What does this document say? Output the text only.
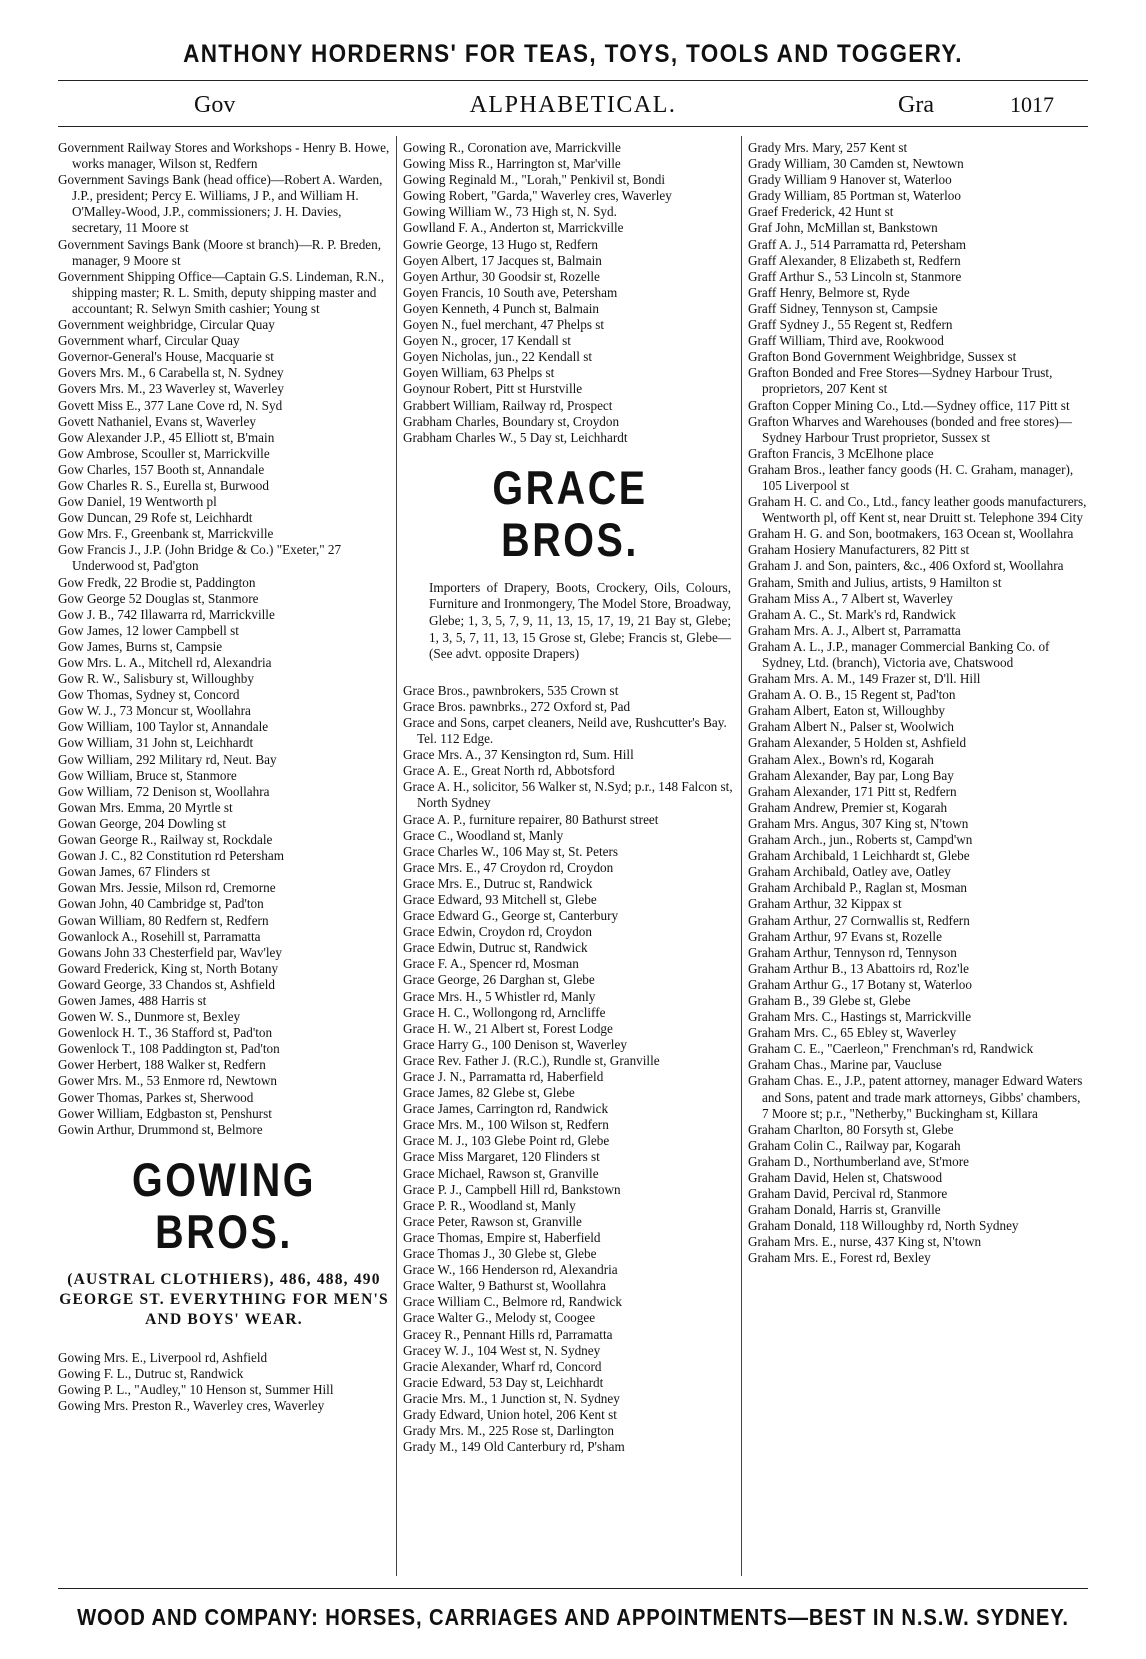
ANTHONY HORDERNS' FOR TEAS, TOYS, TOOLS AND TOGGERY.
Gov	ALPHABETICAL.	Gra	1017
Government Railway Stores and Workshops - Henry B. Howe, works manager, Wilson st, Redfern
Government Savings Bank (head office)—Robert A. Warden, J.P., president; Percy E. Williams, J P., and William H. O'Malley-Wood, J.P., commissioners; J. H. Davies, secretary, 11 Moore st
Government Savings Bank (Moore st branch)—R. P. Breden, manager, 9 Moore st
Government Shipping Office—Captain G.S. Lindeman, R.N., shipping master; R. L. Smith, deputy shipping master and accountant; R. Selwyn Smith cashier; Young st
Government weighbridge, Circular Quay
Government wharf, Circular Quay
Governor-General's House, Macquarie st
Govers Mrs. M., 6 Carabella st, N. Sydney
Govers Mrs. M., 23 Waverley st, Waverley
Govett Miss E., 377 Lane Cove rd, N. Syd
Govett Nathaniel, Evans st, Waverley
Gow Alexander J.P., 45 Elliott st, B'main
Gow Ambrose, Scouller st, Marrickville
Gow Charles, 157 Booth st, Annandale
Gow Charles R. S., Eurella st, Burwood
Gow Daniel, 19 Wentworth pl
Gow Duncan, 29 Rofe st, Leichhardt
Gow Mrs. F., Greenbank st, Marrickville
Gow Francis J., J.P. (John Bridge & Co.) "Exeter," 27 Underwood st, Pad'gton
Gow Fredk, 22 Brodie st, Paddington
Gow George 52 Douglas st, Stanmore
Gow J. B., 742 Illawarra rd, Marrickville
Gow James, 12 lower Campbell st
Gow James, Burns st, Campsie
Gow Mrs. L. A., Mitchell rd, Alexandria
Gow R. W., Salisbury st, Willoughby
Gow Thomas, Sydney st, Concord
Gow W. J., 73 Moncur st, Woollahra
Gow William, 100 Taylor st, Annandale
Gow William, 31 John st, Leichhardt
Gow William, 292 Military rd, Neut. Bay
Gow William, Bruce st, Stanmore
Gow William, 72 Denison st, Woollahra
Gowan Mrs. Emma, 20 Myrtle st
Gowan George, 204 Dowling st
Gowan George R., Railway st, Rockdale
Gowan J. C., 82 Constitution rd Petersham
Gowan James, 67 Flinders st
Gowan Mrs. Jessie, Milson rd, Cremorne
Gowan John, 40 Cambridge st, Pad'ton
Gowan William, 80 Redfern st, Redfern
Gowanlock A., Rosehill st, Parramatta
Gowans John 33 Chesterfield par, Wav'ley
Goward Frederick, King st, North Botany
Goward George, 33 Chandos st, Ashfield
Gowen James, 488 Harris st
Gowen W. S., Dunmore st, Bexley
Gowenlock H. T., 36 Stafford st, Pad'ton
Gowenlock T., 108 Paddington st, Pad'ton
Gower Herbert, 188 Walker st, Redfern
Gower Mrs. M., 53 Enmore rd, Newtown
Gower Thomas, Parkes st, Sherwood
Gower William, Edgbaston st, Penshurst
Gowin Arthur, Drummond st, Belmore
GOWING BROS.
(AUSTRAL CLOTHIERS), 486, 488, 490 GEORGE ST. EVERYTHING FOR MEN'S AND BOYS' WEAR.
Gowing Mrs. E., Liverpool rd, Ashfield
Gowing F. L., Dutruc st, Randwick
Gowing P. L., "Audley," 10 Henson st, Summer Hill
Gowing Mrs. Preston R., Waverley cres, Waverley
Gowing R., Coronation ave, Marrickville
Gowing Miss R., Harrington st, Mar'ville
Gowing Reginald M., "Lorah," Penkivil st, Bondi
Gowing Robert, "Garda," Waverley cres, Waverley
Gowing William W., 73 High st, N. Syd.
Gowlland F. A., Anderton st, Marrickville
Gowrie George, 13 Hugo st, Redfern
Goyen Albert, 17 Jacques st, Balmain
Goyen Arthur, 30 Goodsir st, Rozelle
Goyen Francis, 10 South ave, Petersham
Goyen Kenneth, 4 Punch st, Balmain
Goyen N., fuel merchant, 47 Phelps st
Goyen N., grocer, 17 Kendall st
Goyen Nicholas, jun., 22 Kendall st
Goyen William, 63 Phelps st
Goynour Robert, Pitt st Hurstville
Grabbert William, Railway rd, Prospect
Grabham Charles, Boundary st, Croydon
Grabham Charles W., 5 Day st, Leichhardt
GRACE BROS.
Importers of Drapery, Boots, Crockery, Oils, Colours, Furniture and Ironmongery, The Model Store, Broadway, Glebe; 1, 3, 5, 7, 9, 11, 13, 15, 17, 19, 21 Bay st, Glebe; 1, 3, 5, 7, 11, 13, 15 Grose st, Glebe; Francis st, Glebe—(See advt. opposite Drapers)
Grace Bros., pawnbrokers, 535 Crown st
Grace Bros. pawnbrks., 272 Oxford st, Pad
Grace and Sons, carpet cleaners, Neild ave, Rushcutter's Bay. Tel. 112 Edge.
Grace Mrs. A., 37 Kensington rd, Sum. Hill
Grace A. E., Great North rd, Abbotsford
Grace A. H., solicitor, 56 Walker st, N.Syd; p.r., 148 Falcon st, North Sydney
Grace A. P., furniture repairer, 80 Bathurst street
Grace C., Woodland st, Manly
Grace Charles W., 106 May st, St. Peters
Grace Mrs. E., 47 Croydon rd, Croydon
Grace Mrs. E., Dutruc st, Randwick
Grace Edward, 93 Mitchell st, Glebe
Grace Edward G., George st, Canterbury
Grace Edwin, Croydon rd, Croydon
Grace Edwin, Dutruc st, Randwick
Grace F. A., Spencer rd, Mosman
Grace George, 26 Darghan st, Glebe
Grace Mrs. H., 5 Whistler rd, Manly
Grace H. C., Wollongong rd, Arncliffe
Grace H. W., 21 Albert st, Forest Lodge
Grace Harry G., 100 Denison st, Waverley
Grace Rev. Father J. (R.C.), Rundle st, Granville
Grace J. N., Parramatta rd, Haberfield
Grace James, 82 Glebe st, Glebe
Grace James, Carrington rd, Randwick
Grace Mrs. M., 100 Wilson st, Redfern
Grace M. J., 103 Glebe Point rd, Glebe
Grace Miss Margaret, 120 Flinders st
Grace Michael, Rawson st, Granville
Grace P. J., Campbell Hill rd, Bankstown
Grace P. R., Woodland st, Manly
Grace Peter, Rawson st, Granville
Grace Thomas, Empire st, Haberfield
Grace Thomas J., 30 Glebe st, Glebe
Grace W., 166 Henderson rd, Alexandria
Grace Walter, 9 Bathurst st, Woollahra
Grace William C., Belmore rd, Randwick
Grace Walter G., Melody st, Coogee
Gracey R., Pennant Hills rd, Parramatta
Gracey W. J., 104 West st, N. Sydney
Gracie Alexander, Wharf rd, Concord
Gracie Edward, 53 Day st, Leichhardt
Gracie Mrs. M., 1 Junction st, N. Sydney
Grady Edward, Union hotel, 206 Kent st
Grady Mrs. M., 225 Rose st, Darlington
Grady M., 149 Old Canterbury rd, P'sham
Grady Mrs. Mary, 257 Kent st
Grady William, 30 Camden st, Newtown
Grady William 9 Hanover st, Waterloo
Grady William, 85 Portman st, Waterloo
Graef Frederick, 42 Hunt st
Graf John, McMillan st, Bankstown
Graff A. J., 514 Parramatta rd, Petersham
Graff Alexander, 8 Elizabeth st, Redfern
Graff Arthur S., 53 Lincoln st, Stanmore
Graff Henry, Belmore st, Ryde
Graff Sidney, Tennyson st, Campsie
Graff Sydney J., 55 Regent st, Redfern
Graff William, Third ave, Rookwood
Grafton Bond Government Weighbridge, Sussex st
Grafton Bonded and Free Stores—Sydney Harbour Trust, proprietors, 207 Kent st
Grafton Copper Mining Co., Ltd.—Sydney office, 117 Pitt st
Grafton Wharves and Warehouses (bonded and free stores)—Sydney Harbour Trust proprietor, Sussex st
Grafton Francis, 3 McElhone place
Graham Bros., leather fancy goods (H. C. Graham, manager), 105 Liverpool st
Graham H. C. and Co., Ltd., fancy leather goods manufacturers, Wentworth pl, off Kent st, near Druitt st. Telephone 394 City
Graham H. G. and Son, bootmakers, 163 Ocean st, Woollahra
Graham Hosiery Manufacturers, 82 Pitt st
Graham J. and Son, painters, &c., 406 Oxford st, Woollahra
Graham, Smith and Julius, artists, 9 Hamilton st
Graham Miss A., 7 Albert st, Waverley
Graham A. C., St. Mark's rd, Randwick
Graham Mrs. A. J., Albert st, Parramatta
Graham A. L., J.P., manager Commercial Banking Co. of Sydney, Ltd. (branch), Victoria ave, Chatswood
Graham Mrs. A. M., 149 Frazer st, D'll. Hill
Graham A. O. B., 15 Regent st, Pad'ton
Graham Albert, Eaton st, Willoughby
Graham Albert N., Palser st, Woolwich
Graham Alexander, 5 Holden st, Ashfield
Graham Alex., Bown's rd, Kogarah
Graham Alexander, Bay par, Long Bay
Graham Alexander, 171 Pitt st, Redfern
Graham Andrew, Premier st, Kogarah
Graham Mrs. Angus, 307 King st, N'town
Graham Arch., jun., Roberts st, Campd'wn
Graham Archibald, 1 Leichhardt st, Glebe
Graham Archibald, Oatley ave, Oatley
Graham Archibald P., Raglan st, Mosman
Graham Arthur, 32 Kippax st
Graham Arthur, 27 Cornwallis st, Redfern
Graham Arthur, 97 Evans st, Rozelle
Graham Arthur, Tennyson rd, Tennyson
Graham Arthur B., 13 Abattoirs rd, Roz'le
Graham Arthur G., 17 Botany st, Waterloo
Graham B., 39 Glebe st, Glebe
Graham Mrs. C., Hastings st, Marrickville
Graham Mrs. C., 65 Ebley st, Waverley
Graham C. E., "Caerleon," Frenchman's rd, Randwick
Graham Chas., Marine par, Vaucluse
Graham Chas. E., J.P., patent attorney, manager Edward Waters and Sons, patent and trade mark attorneys, Gibbs' chambers, 7 Moore st; p.r., "Netherby," Buckingham st, Killara
Graham Charlton, 80 Forsyth st, Glebe
Graham Colin C., Railway par, Kogarah
Graham D., Northumberland ave, St'more
Graham David, Helen st, Chatswood
Graham David, Percival rd, Stanmore
Graham Donald, Harris st, Granville
Graham Donald, 118 Willoughby rd, North Sydney
Graham Mrs. E., nurse, 437 King st, N'town
Graham Mrs. E., Forest rd, Bexley
WOOD AND COMPANY: HORSES, CARRIAGES AND APPOINTMENTS—BEST IN N.S.W. SYDNEY.
